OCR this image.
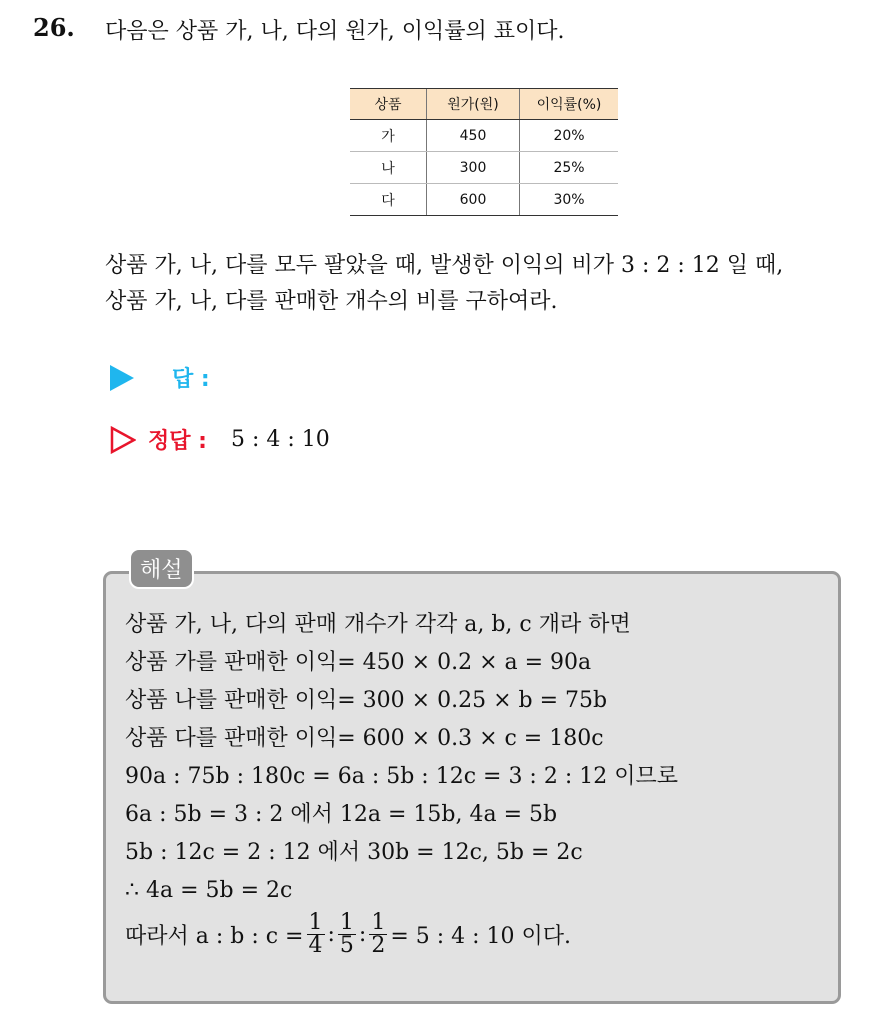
26. 다음은 상품 가, 나, 다의 원가, 이익률의 표이다.
상품	원가(원)	이익률(%)
가	450	20%
나	300	25%
다	600	30%
상품 가, 나, 다를 모두 팔았을 때, 발생한 이익의 비가 3 : 2 : 12 일 때,
상품 가, 나, 다를 판매한 개수의 비를 구하여라.
답 :
정답 : 5 : 4 : 10
해설
상품 가, 나, 다의 판매 개수가 각각 a, b, c 개라 하면
상품 가를 판매한 이익= 450 × 0.2 × a = 90a
상품 나를 판매한 이익= 300 × 0.25 × b = 75b
상품 다를 판매한 이익= 600 × 0.3 × c = 180c
90a : 75b : 180c = 6a : 5b : 12c = 3 : 2 : 12 이므로
6a : 5b = 3 : 2 에서 12a = 15b, 4a = 5b
5b : 12c = 2 : 12 에서 30b = 12c, 5b = 2c
∴ 4a = 5b = 2c
따라서 a : b : $c = \frac{1}{4}$ : $\frac{1}{5}$ : $\frac{1}{2} = 5$ : 4 : 10 이다.
